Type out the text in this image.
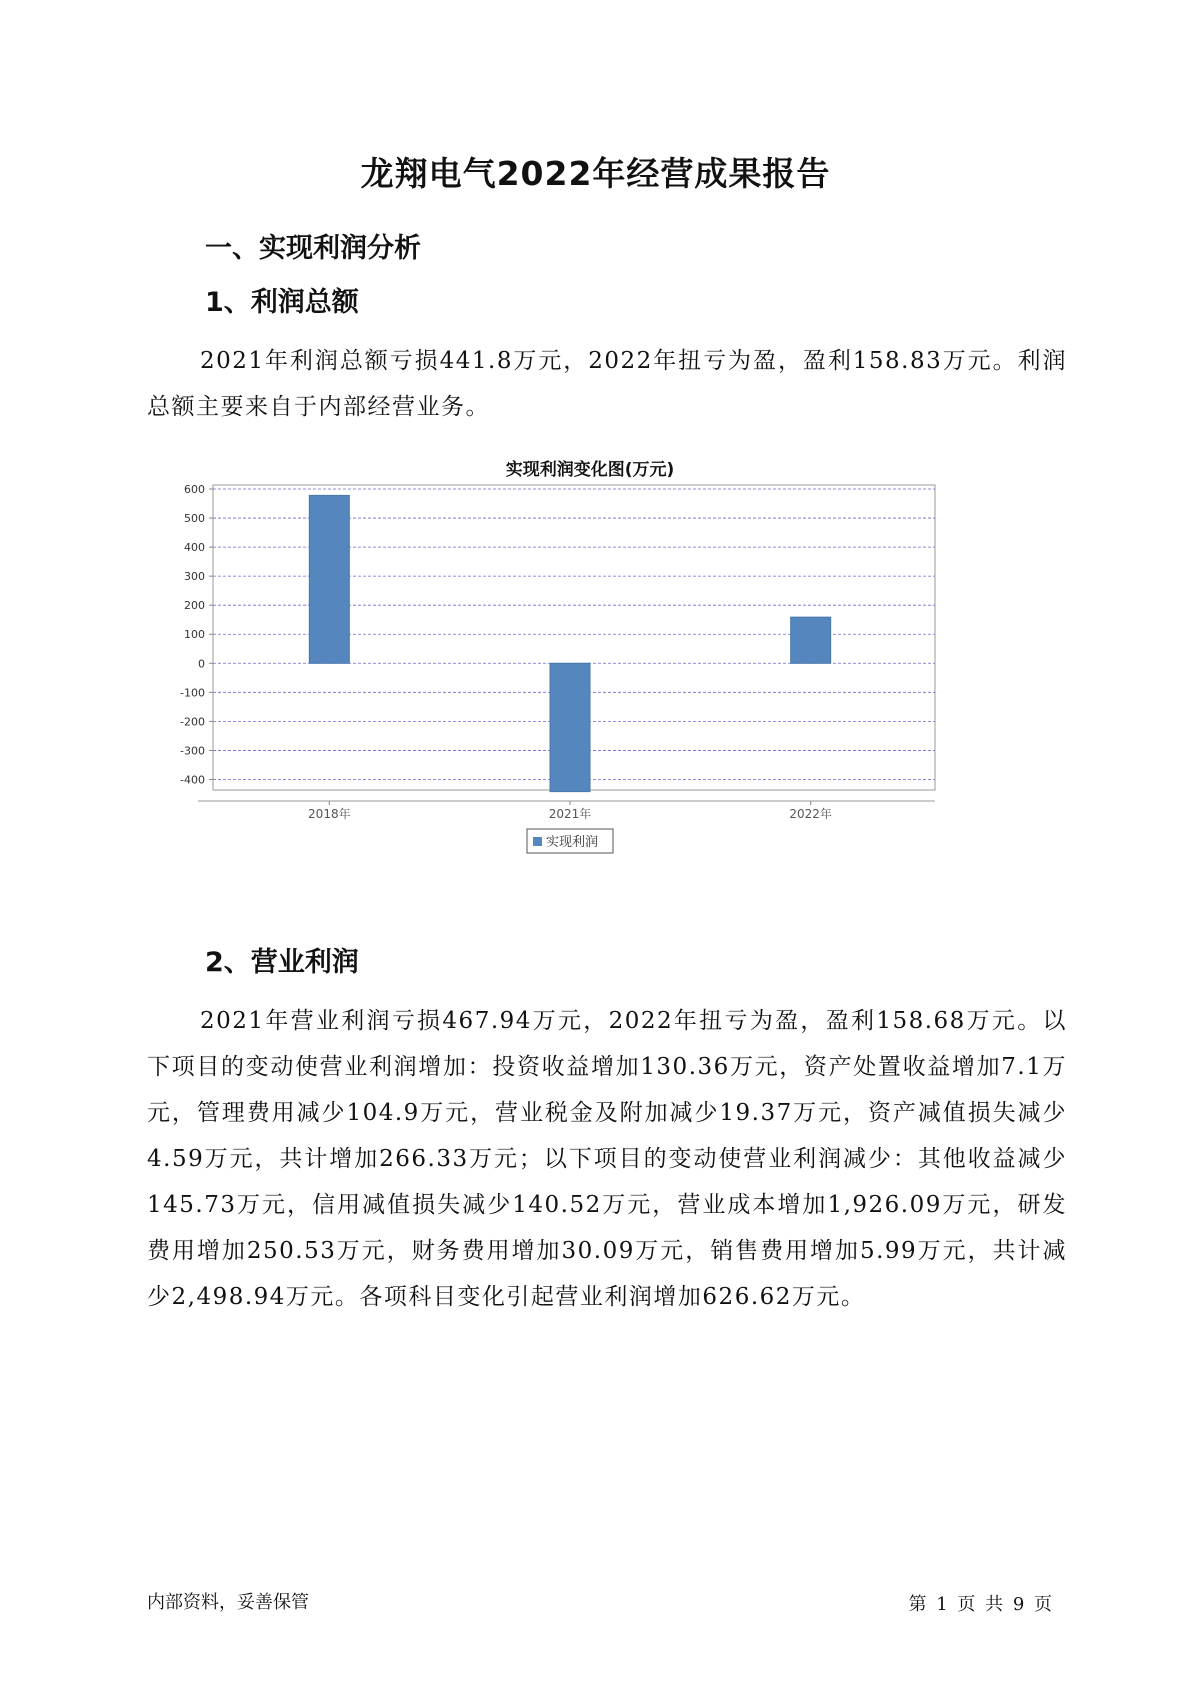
龙翔电气2022年经营成果报告
一、实现利润分析
1、利润总额
2021年利润总额亏损441.8万元，2022年扭亏为盈，盈利158.83万元。利润总额主要来自于内部经营业务。
实现利润变化图(万元)
600
500
400
300
200
100
0
-100
-200
-300
-400
2018年	2021年	2022年
实现利润
2、营业利润
2021年营业利润亏损467.94万元，2022年扭亏为盈，盈利158.68万元。以下项目的变动使营业利润增加：投资收益增加130.36万元，资产处置收益增加7.1万元，管理费用减少104.9万元，营业税金及附加减少19.37万元，资产减值损失减少4.59万元，共计增加266.33万元；以下项目的变动使营业利润减少：其他收益减少145.73万元，信用减值损失减少140.52万元，营业成本增加1,926.09万元，研发费用增加250.53万元，财务费用增加30.09万元，销售费用增加5.99万元，共计减少2,498.94万元。各项科目变化引起营业利润增加626.62万元。
内部资料，妥善保管	第 1 页 共 9 页
